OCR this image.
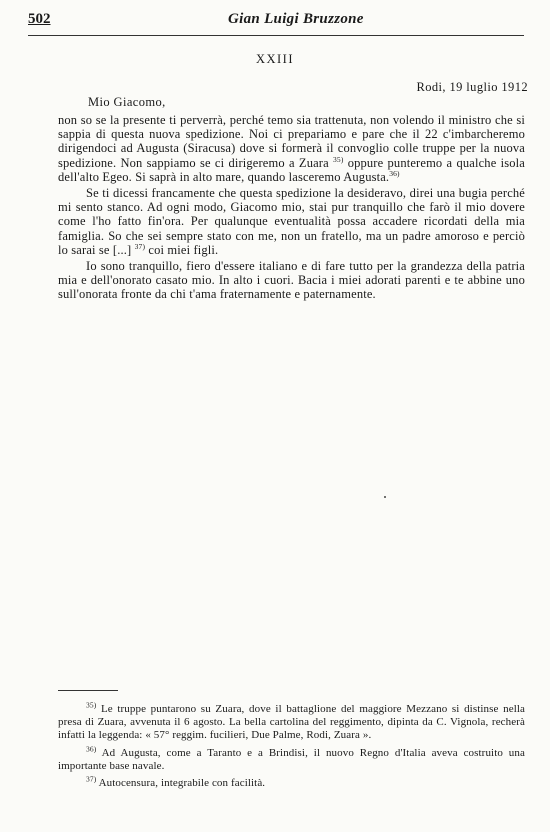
502	Gian Luigi Bruzzone
XXIII
Rodi, 19 luglio 1912
Mio Giacomo,

non so se la presente ti perverrà, perché temo sia trattenuta, non volendo il ministro che si sappia di questa nuova spedizione. Noi ci prepariamo e pare che il 22 c'imbarcheremo dirigendoci ad Augusta (Siracusa) dove si formerà il convoglio colle truppe per la nuova spedizione. Non sappiamo se ci dirigeremo a Zuara $^{35)}$ oppure punteremo a qualche isola dell'alto Egeo. Si saprà in alto mare, quando lasceremo Augusta.$^{36)}$

Se ti dicessi francamente che questa spedizione la desideravo, direi una bugia perché mi sento stanco. Ad ogni modo, Giacomo mio, stai pur tranquillo che farò il mio dovere come l'ho fatto fin'ora. Per qualunque eventualità possa accadere ricordati della mia famiglia. So che sei sempre stato con me, non un fratello, ma un padre amoroso e perciò lo sarai se [...] $^{37)}$ coi miei figli.

Io sono tranquillo, fiero d'essere italiano e di fare tutto per la grandezza della patria mia e dell'onorato casato mio. In alto i cuori. Bacia i miei adorati parenti e te abbine uno sull'onorata fronte da chi t'ama fraternamente e paternamente.

$^{35)}$ Le truppe puntarono su Zuara, dove il battaglione del maggiore Mezzano si distinse nella presa di Zuara, avvenuta il 6 agosto. La bella cartolina del reggimento, dipinta da C. Vignola, recherà infatti la leggenda: « 57° reggim. fucilieri, Due Palme, Rodi, Zuara ».

$^{36)}$ Ad Augusta, come a Taranto e a Brindisi, il nuovo Regno d'Italia aveva costruito una importante base navale.

$^{37)}$ Autocensura, integrabile con facilità.
